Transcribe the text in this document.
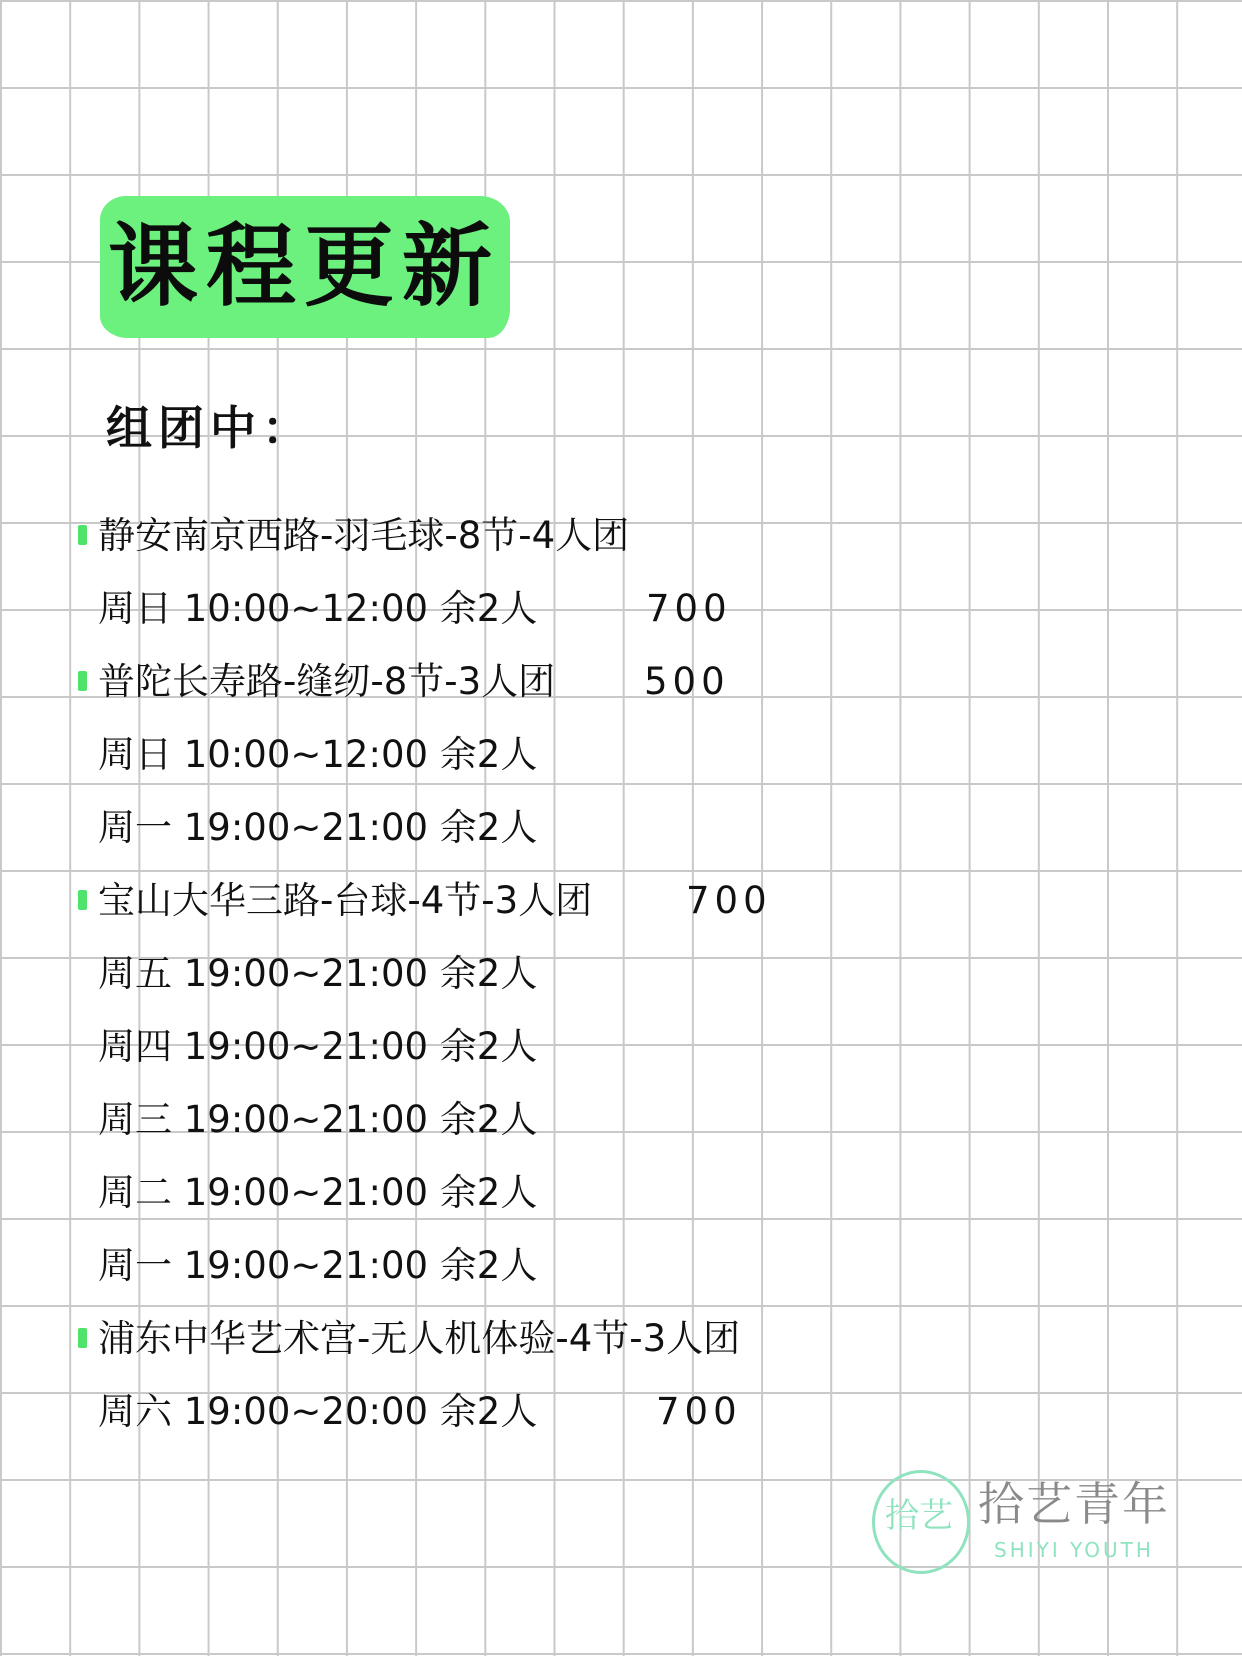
课程更新
组团中：
静安南京西路-羽毛球-8节-4人团
周日 10:00~12:00 余2人	700
普陀长寿路-缝纫-8节-3人团 500
周日 10:00~12:00 余2人
周一 19:00~21:00 余2人
宝山大华三路-台球-4节-3人团	700
周五 19:00~21:00 余2人
周四 19:00~21:00 余2人
周三 19:00~21:00 余2人
周二 19:00~21:00 余2人
周一 19:00~21:00 余2人
浦东中华艺术宫-无人机体验-4节-3人团
周六 19:00~20:00 余2人	700
拾艺 拾艺青年
SHIYI YOUTH
